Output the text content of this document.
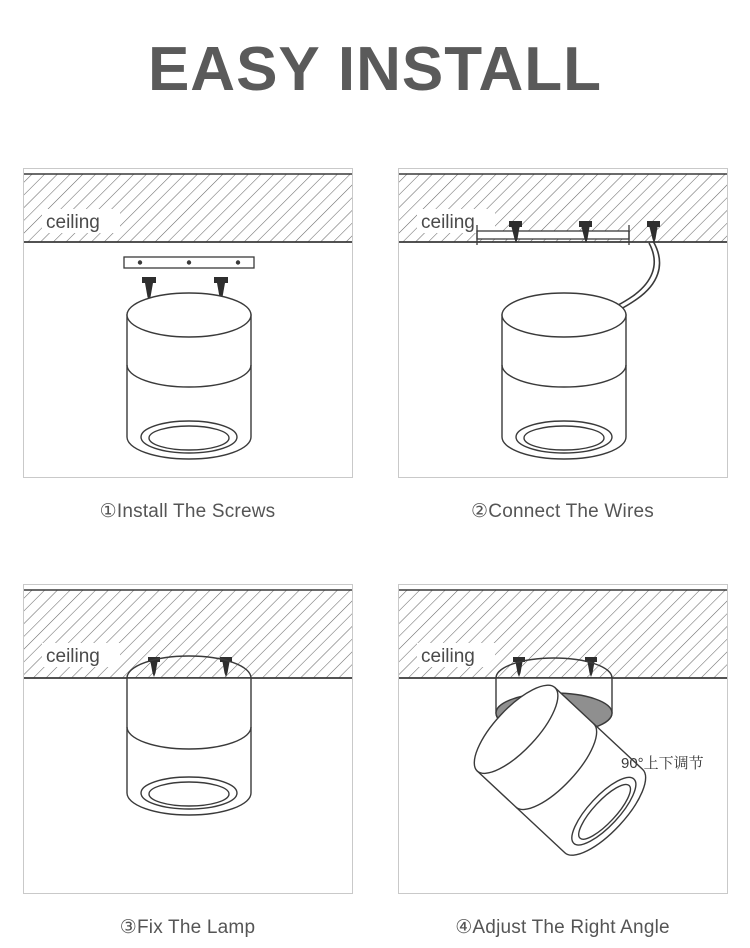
EASY INSTALL
ceiling
①Install The Screws
ceiling
②Connect The Wires
ceiling
③Fix The Lamp
ceiling
90°上下调节
④Adjust The Right Angle
